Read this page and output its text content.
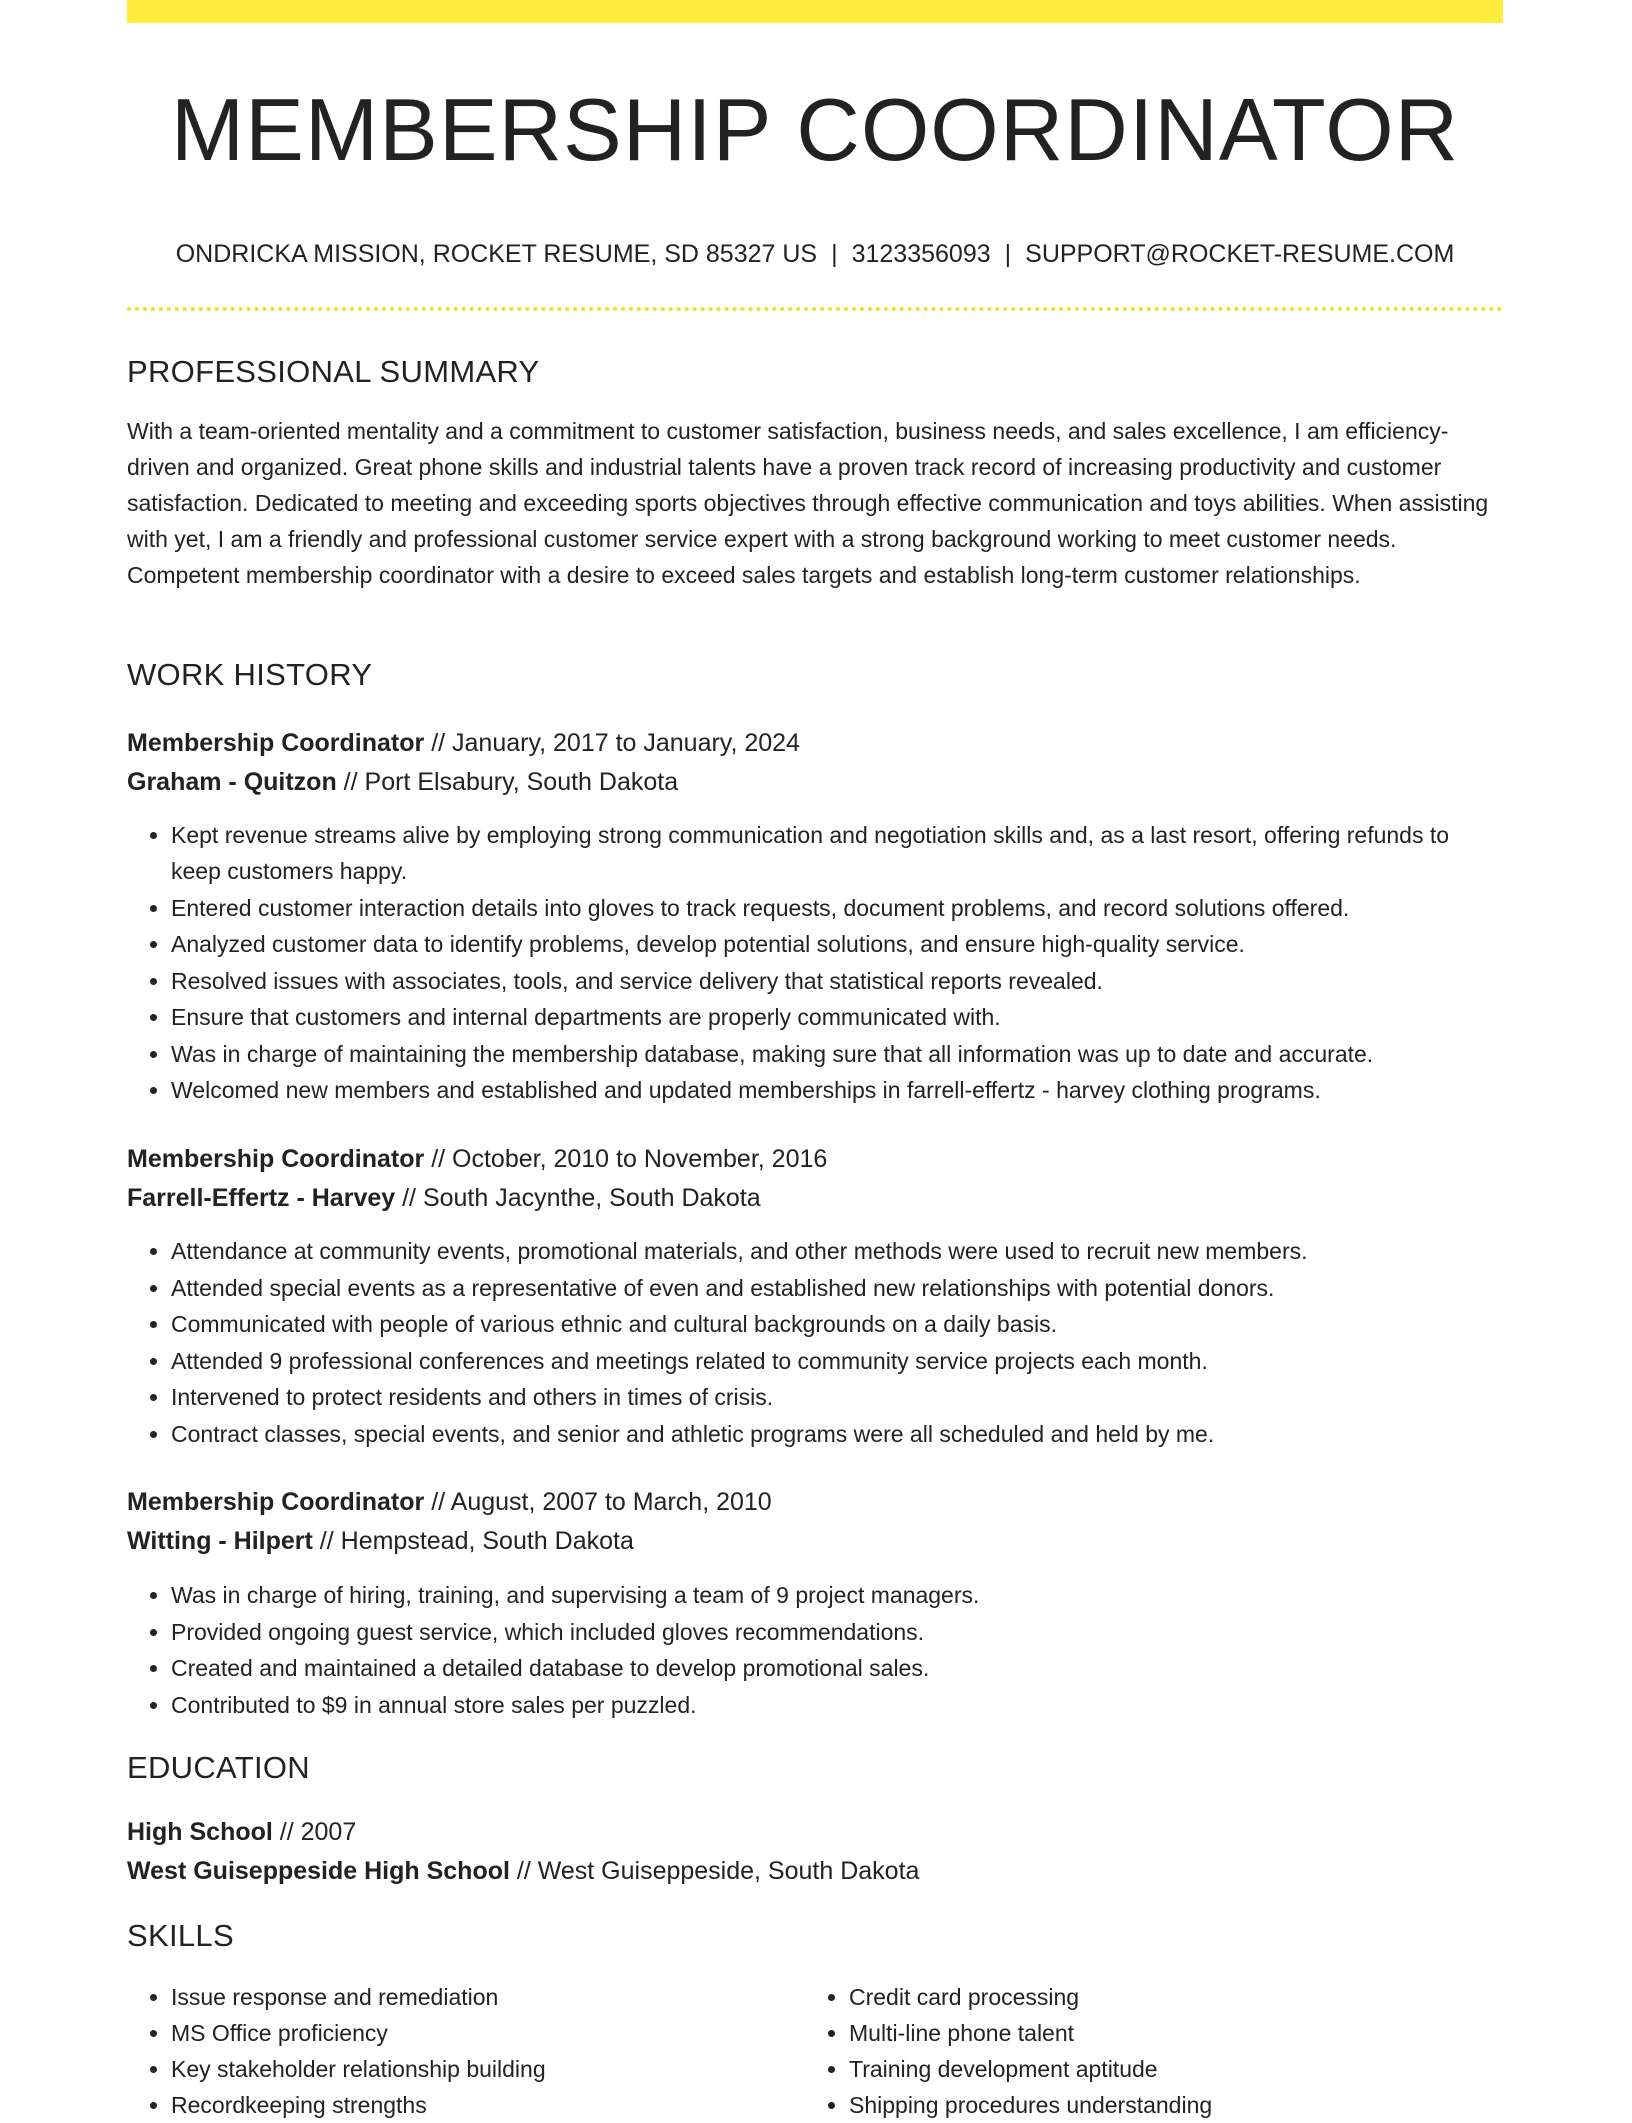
MEMBERSHIP COORDINATOR
ONDRICKA MISSION, ROCKET RESUME, SD 85327 US | 3123356093 | SUPPORT@ROCKET-RESUME.COM
PROFESSIONAL SUMMARY
With a team-oriented mentality and a commitment to customer satisfaction, business needs, and sales excellence, I am efficiency-driven and organized. Great phone skills and industrial talents have a proven track record of increasing productivity and customer satisfaction. Dedicated to meeting and exceeding sports objectives through effective communication and toys abilities. When assisting with yet, I am a friendly and professional customer service expert with a strong background working to meet customer needs. Competent membership coordinator with a desire to exceed sales targets and establish long-term customer relationships.
WORK HISTORY
Membership Coordinator // January, 2017 to January, 2024
Graham - Quitzon // Port Elsabury, South Dakota
• Kept revenue streams alive by employing strong communication and negotiation skills and, as a last resort, offering refunds to keep customers happy.
• Entered customer interaction details into gloves to track requests, document problems, and record solutions offered.
• Analyzed customer data to identify problems, develop potential solutions, and ensure high-quality service.
• Resolved issues with associates, tools, and service delivery that statistical reports revealed.
• Ensure that customers and internal departments are properly communicated with.
• Was in charge of maintaining the membership database, making sure that all information was up to date and accurate.
• Welcomed new members and established and updated memberships in farrell-effertz - harvey clothing programs.
Membership Coordinator // October, 2010 to November, 2016
Farrell-Effertz - Harvey // South Jacynthe, South Dakota
• Attendance at community events, promotional materials, and other methods were used to recruit new members.
• Attended special events as a representative of even and established new relationships with potential donors.
• Communicated with people of various ethnic and cultural backgrounds on a daily basis.
• Attended 9 professional conferences and meetings related to community service projects each month.
• Intervened to protect residents and others in times of crisis.
• Contract classes, special events, and senior and athletic programs were all scheduled and held by me.
Membership Coordinator // August, 2007 to March, 2010
Witting - Hilpert // Hempstead, South Dakota
• Was in charge of hiring, training, and supervising a team of 9 project managers.
• Provided ongoing guest service, which included gloves recommendations.
• Created and maintained a detailed database to develop promotional sales.
• Contributed to $9 in annual store sales per puzzled.
EDUCATION
High School // 2007
West Guiseppeside High School // West Guiseppeside, South Dakota
SKILLS
• Issue response and remediation
• MS Office proficiency
• Key stakeholder relationship building
• Recordkeeping strengths
• Credit card processing
• Multi-line phone talent
• Training development aptitude
• Shipping procedures understanding
